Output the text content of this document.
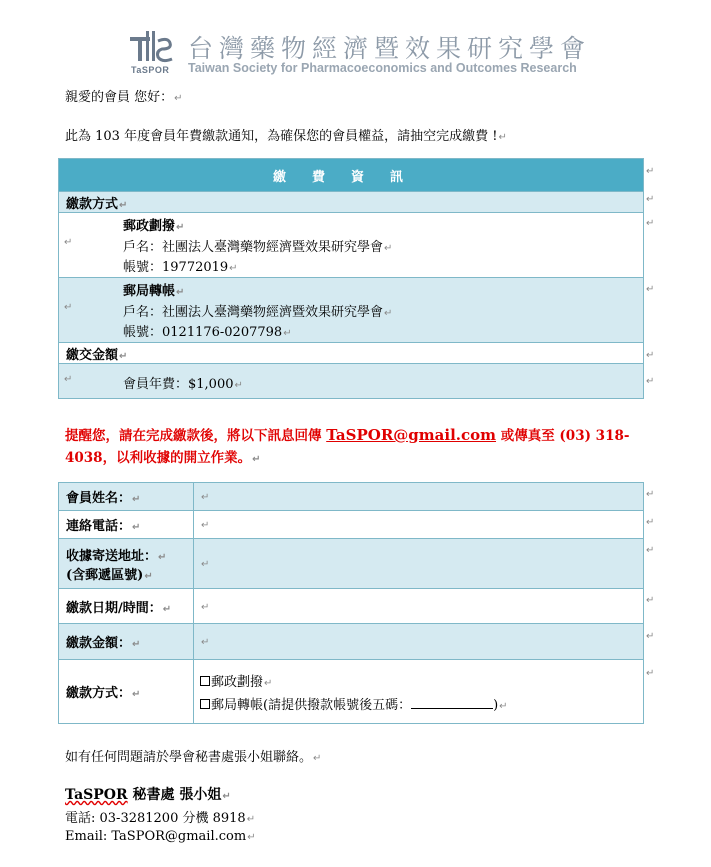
TaSPOR
台灣藥物經濟暨效果研究學會
Taiwan Society for Pharmacoeconomics and Outcomes Research
親愛的會員 您好：↵
此為 103 年度會員年費繳款通知，為確保您的會員權益，請抽空完成繳費 !↵
繳費資訊
繳款方式↵

↵
郵政劃撥↵
戶名：社團法人臺灣藥物經濟暨效果研究學會↵
帳號：19772019↵

↵
郵局轉帳↵
戶名：社團法人臺灣藥物經濟暨效果研究學會↵
帳號：0121176-0207798↵

繳交金額↵

↵	會員年費：$1,000↵
↵
↵
↵
↵
↵
↵
提醒您，請在完成繳款後，將以下訊息回傳 TaSPOR@gmail.com 或傳真至 (03) 318-4038，以利收據的開立作業。↵
會員姓名：↵	↵
連絡電話：↵	↵
收據寄送地址：↵
(含郵遞區號)↵	↵
繳款日期/時間：↵	↵
繳款金額：↵	↵
繳款方式：↵	郵政劃撥↵
郵局轉帳(請提供撥款帳號後五碼： )↵
↵
↵
↵
↵
↵
↵
如有任何問題請於學會秘書處張小姐聯絡。↵
TaSPOR 秘書處 張小姐↵
電話: 03-3281200 分機 8918↵
Email: TaSPOR@gmail.com↵
